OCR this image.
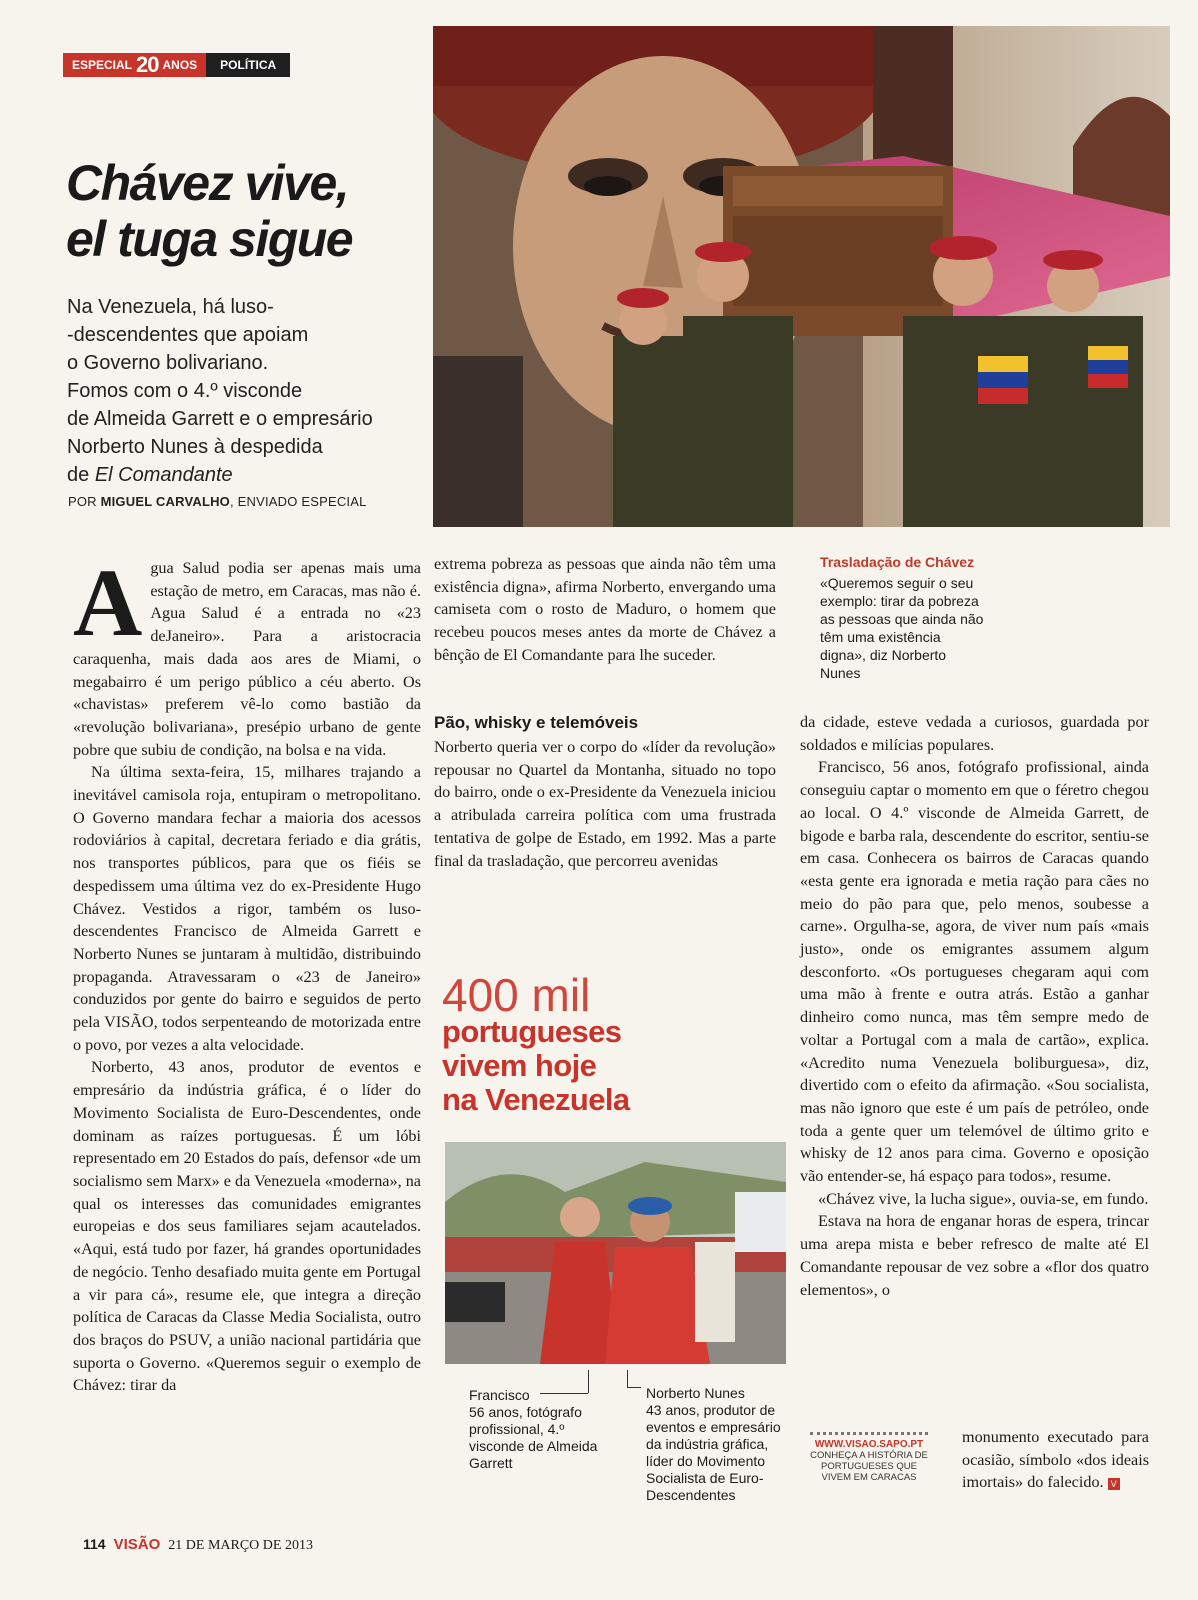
ESPECIAL 20 ANOS	POLÍTICA
Chávez vive,
el tuga sigue
Na Venezuela, há luso-
-descendentes que apoiam
o Governo bolivariano.
Fomos com o 4.º visconde
de Almeida Garrett e o empresário
Norberto Nunes à despedida
de El Comandante
POR MIGUEL CARVALHO, ENVIADO ESPECIAL
Trasladação de Chávez
«Queremos seguir o seu exemplo: tirar da pobreza as pessoas que ainda não têm uma existência digna», diz Norberto Nunes
A gua Salud podia ser apenas mais uma estação de metro, em Caracas, mas não é. Agua Salud é a entrada no «23 deJaneiro». Para a aristocracia caraquenha, mais dada aos ares de Miami, o megabairro é um perigo público a céu aberto. Os «chavistas» preferem vê-lo como bastião da «revolução bolivariana», presépio urbano de gente pobre que subiu de condição, na bolsa e na vida.

Na última sexta-feira, 15, milhares trajando a inevitável camisola roja, entupiram o metropolitano. O Governo mandara fechar a maioria dos acessos rodoviários à capital, decretara feriado e dia grátis, nos transportes públicos, para que os fiéis se despedissem uma última vez do ex-Presidente Hugo Chávez. Vestidos a rigor, também os luso-descendentes Francisco de Almeida Garrett e Norberto Nunes se juntaram à multidão, distribuindo propaganda. Atravessaram o «23 de Janeiro» conduzidos por gente do bairro e seguidos de perto pela VISÃO, todos serpenteando de motorizada entre o povo, por vezes a alta velocidade.

Norberto, 43 anos, produtor de eventos e empresário da indústria gráfica, é o líder do Movimento Socialista de Euro-Descendentes, onde dominam as raízes portuguesas. É um lóbi representado em 20 Estados do país, defensor «de um socialismo sem Marx» e da Venezuela «moderna», na qual os interesses das comunidades emigrantes europeias e dos seus familiares sejam acautelados. «Aqui, está tudo por fazer, há grandes oportunidades de negócio. Tenho desafiado muita gente em Portugal a vir para cá», resume ele, que integra a direção política de Caracas da Classe Media Socialista, outro dos braços do PSUV, a união nacional partidária que suporta o Governo. «Queremos seguir o exemplo de Chávez: tirar da

extrema pobreza as pessoas que ainda não têm uma existência digna», afirma Norberto, envergando uma camiseta com o rosto de Maduro, o homem que recebeu poucos meses antes da morte de Chávez a bênção de El Comandante para lhe suceder.

Pão, whisky e telemóveis

Norberto queria ver o corpo do «líder da revolução» repousar no Quartel da Montanha, situado no topo do bairro, onde o ex-Presidente da Venezuela iniciou a atribulada carreira política com uma frustrada tentativa de golpe de Estado, em 1992. Mas a parte final da trasladação, que percorreu avenidas

da cidade, esteve vedada a curiosos, guardada por soldados e milícias populares.

Francisco, 56 anos, fotógrafo profissional, ainda conseguiu captar o momento em que o féretro chegou ao local. O 4.º visconde de Almeida Garrett, de bigode e barba rala, descendente do escritor, sentiu-se em casa. Conhecera os bairros de Caracas quando «esta gente era ignorada e metia ração para cães no meio do pão para que, pelo menos, soubesse a carne». Orgulha-se, agora, de viver num país «mais justo», onde os emigrantes assumem algum desconforto. «Os portugueses chegaram aqui com uma mão à frente e outra atrás. Estão a ganhar dinheiro como nunca, mas têm sempre medo de voltar a Portugal com a mala de cartão», explica. «Acredito numa Venezuela boliburguesa», diz, divertido com o efeito da afirmação. «Sou socialista, mas não ignoro que este é um país de petróleo, onde toda a gente quer um telemóvel de último grito e whisky de 12 anos para cima. Governo e oposição vão entender-se, há espaço para todos», resume.

«Chávez vive, la lucha sigue», ouvia-se, em fundo.

Estava na hora de enganar horas de espera, trincar uma arepa mista e beber refresco de malte até El Comandante repousar de vez sobre a «flor dos quatro elementos», o

monumento executado para ocasião, símbolo «dos ideais imortais» do falecido. V

400 mil
portugueses
vivem hoje
na Venezuela
Francisco
56 anos, fotógrafo profissional, 4.º visconde de Almeida Garrett
Norberto Nunes
43 anos, produtor de eventos e empresário da indústria gráfica, líder do Movimento Socialista de Euro-Descendentes
WWW.VISAO.SAPO.PT
CONHEÇA A HISTÓRIA DE PORTUGUESES QUE VIVEM EM CARACAS
114 VISÃO 21 DE MARÇO DE 2013
